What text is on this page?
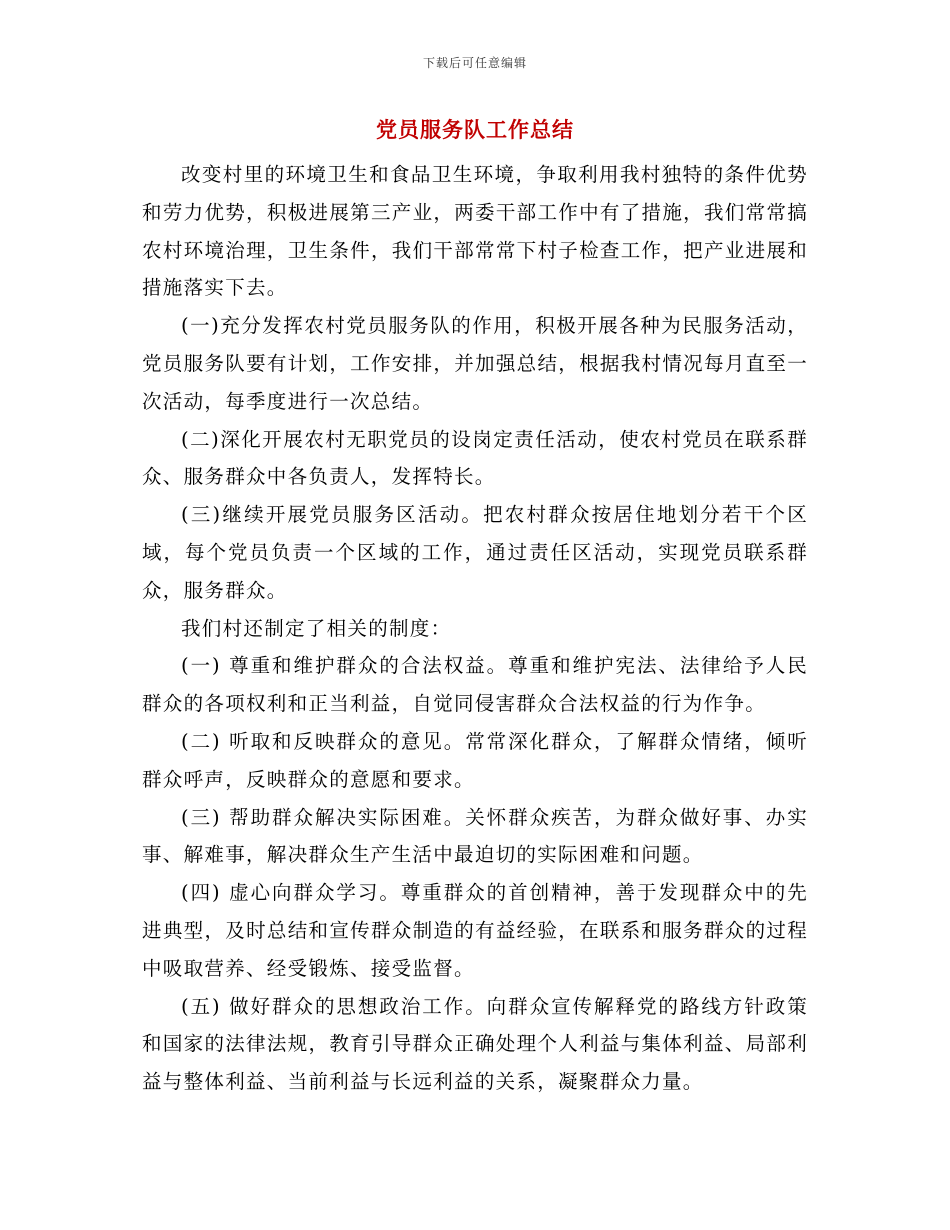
下载后可任意编辑
党员服务队工作总结

改变村里的环境卫生和食品卫生环境，争取利用我村独特的条件优势和劳力优势，积极进展第三产业，两委干部工作中有了措施，我们常常搞农村环境治理，卫生条件，我们干部常常下村子检查工作，把产业进展和措施落实下去。

(一)充分发挥农村党员服务队的作用，积极开展各种为民服务活动，党员服务队要有计划，工作安排，并加强总结，根据我村情况每月直至一次活动，每季度进行一次总结。

(二)深化开展农村无职党员的设岗定责任活动，使农村党员在联系群众、服务群众中各负责人，发挥特长。

(三)继续开展党员服务区活动。把农村群众按居住地划分若干个区域，每个党员负责一个区域的工作，通过责任区活动，实现党员联系群众，服务群众。

我们村还制定了相关的制度：

(一) 尊重和维护群众的合法权益。尊重和维护宪法、法律给予人民群众的各项权利和正当利益，自觉同侵害群众合法权益的行为作争。

(二) 听取和反映群众的意见。常常深化群众，了解群众情绪，倾听群众呼声，反映群众的意愿和要求。

(三) 帮助群众解决实际困难。关怀群众疾苦，为群众做好事、办实事、解难事，解决群众生产生活中最迫切的实际困难和问题。

(四) 虚心向群众学习。尊重群众的首创精神，善于发现群众中的先进典型，及时总结和宣传群众制造的有益经验，在联系和服务群众的过程中吸取营养、经受锻炼、接受监督。

(五) 做好群众的思想政治工作。向群众宣传解释党的路线方针政策和国家的法律法规，教育引导群众正确处理个人利益与集体利益、局部利益与整体利益、当前利益与长远利益的关系，凝聚群众力量。
